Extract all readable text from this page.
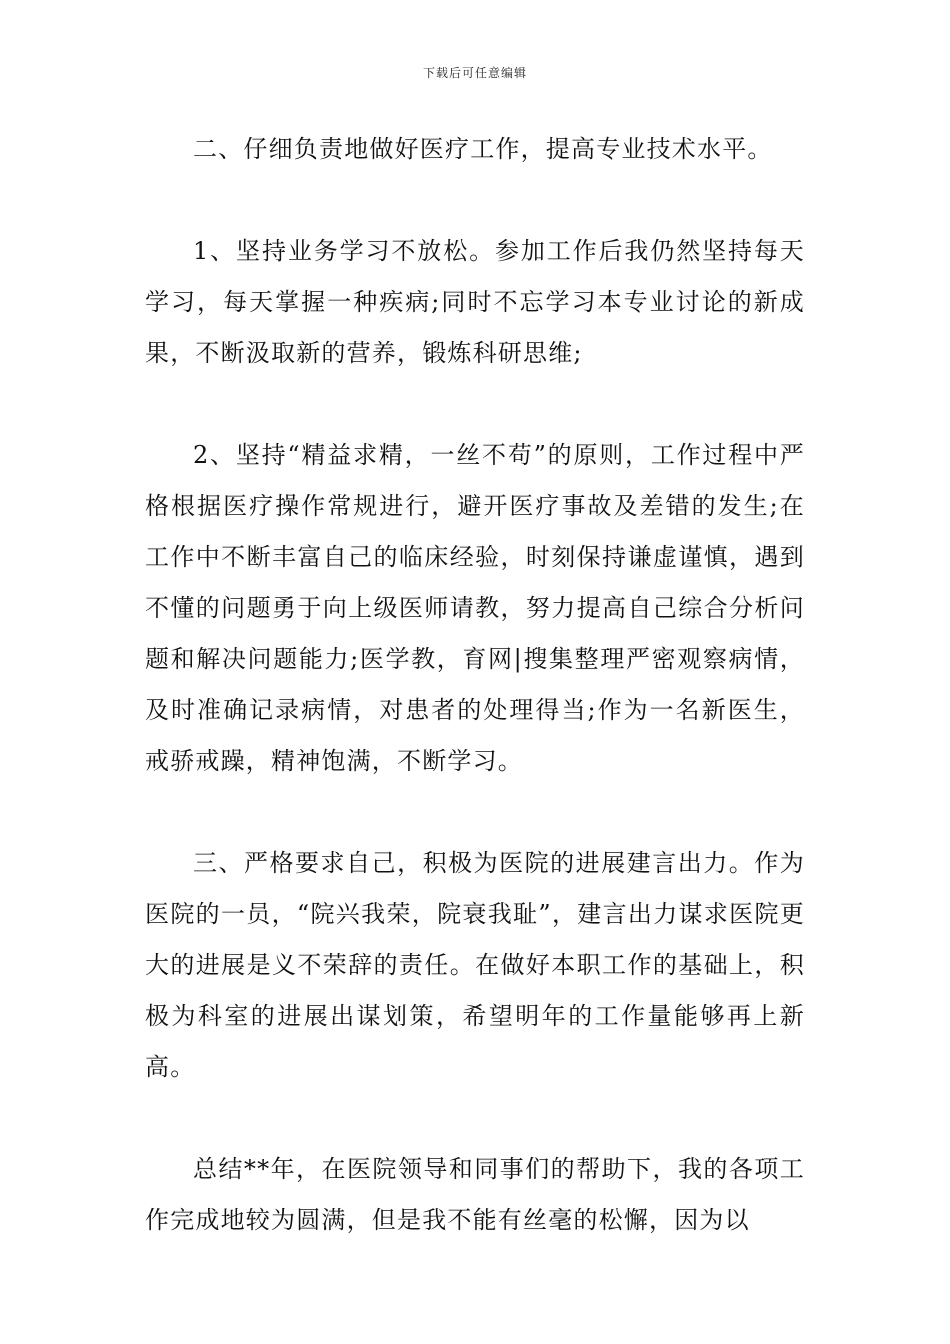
下载后可任意编辑

二、仔细负责地做好医疗工作，提高专业技术水平。

1、坚持业务学习不放松。参加工作后我仍然坚持每天学习，每天掌握一种疾病;同时不忘学习本专业讨论的新成果，不断汲取新的营养，锻炼科研思维;

2、坚持“精益求精，一丝不苟”的原则，工作过程中严格根据医疗操作常规进行，避开医疗事故及差错的发生;在工作中不断丰富自己的临床经验，时刻保持谦虚谨慎，遇到不懂的问题勇于向上级医师请教，努力提高自己综合分析问题和解决问题能力;医学教，育网|搜集整理严密观察病情，及时准确记录病情，对患者的处理得当;作为一名新医生，戒骄戒躁，精神饱满，不断学习。

三、严格要求自己，积极为医院的进展建言出力。作为医院的一员，“院兴我荣，院衰我耻”，建言出力谋求医院更大的进展是义不荣辞的责任。在做好本职工作的基础上，积极为科室的进展出谋划策，希望明年的工作量能够再上新高。

总结**年，在医院领导和同事们的帮助下，我的各项工作完成地较为圆满，但是我不能有丝毫的松懈，因为以
